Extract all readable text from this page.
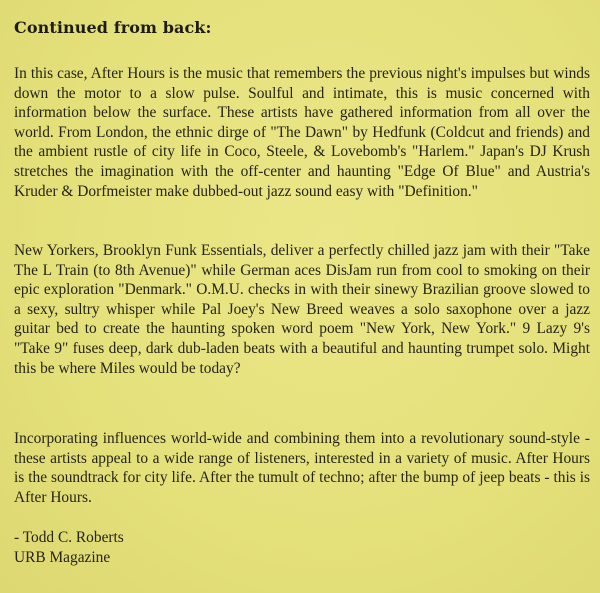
Continued from back:

In this case, After Hours is the music that remembers the previous night's impulses but winds down the motor to a slow pulse. Soulful and intimate, this is music concerned with information below the surface. These artists have gathered information from all over the world. From London, the ethnic dirge of "The Dawn" by Hedfunk (Coldcut and friends) and the ambient rustle of city life in Coco, Steele, & Lovebomb's "Harlem." Japan's DJ Krush stretches the imagination with the off-center and haunting "Edge Of Blue" and Austria's Kruder & Dorfmeister make dubbed-out jazz sound easy with "Definition."

New Yorkers, Brooklyn Funk Essentials, deliver a perfectly chilled jazz jam with their "Take The L Train (to 8th Avenue)" while German aces DisJam run from cool to smoking on their epic exploration "Denmark." O.M.U. checks in with their sinewy Brazilian groove slowed to a sexy, sultry whisper while Pal Joey's New Breed weaves a solo saxophone over a jazz guitar bed to create the haunting spoken word poem "New York, New York." 9 Lazy 9's "Take 9" fuses deep, dark dub-laden beats with a beautiful and haunting trumpet solo. Might this be where Miles would be today?

Incorporating influences world-wide and combining them into a revolutionary sound-style - these artists appeal to a wide range of listeners, interested in a variety of music. After Hours is the soundtrack for city life. After the tumult of techno; after the bump of jeep beats - this is After Hours.

- Todd C. Roberts
URB Magazine
